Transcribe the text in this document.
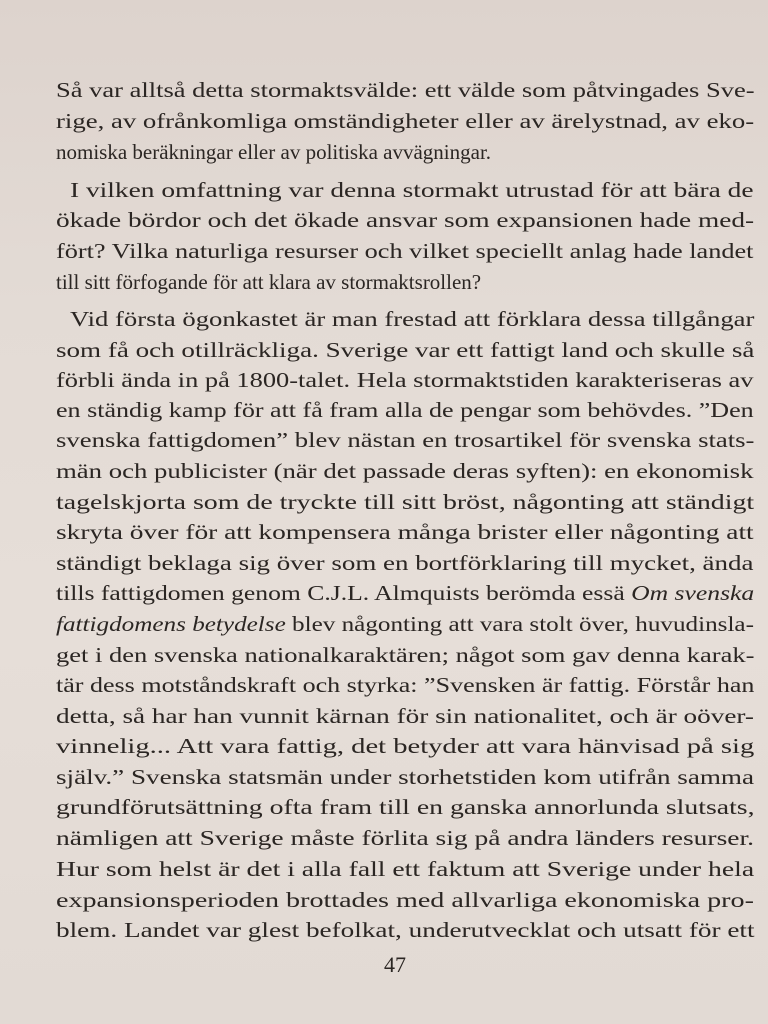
Så var alltså detta stormaktsvälde: ett välde som påtvingades Sve-
rige, av ofrånkomliga omständigheter eller av ärelystnad, av eko-
nomiska beräkningar eller av politiska avvägningar.
I vilken omfattning var denna stormakt utrustad för att bära de
ökade bördor och det ökade ansvar som expansionen hade med-
fört? Vilka naturliga resurser och vilket speciellt anlag hade landet
till sitt förfogande för att klara av stormaktsrollen?
Vid första ögonkastet är man frestad att förklara dessa tillgångar
som få och otillräckliga. Sverige var ett fattigt land och skulle så
förbli ända in på 1800-talet. Hela stormaktstiden karakteriseras av
en ständig kamp för att få fram alla de pengar som behövdes. ”Den
svenska fattigdomen” blev nästan en trosartikel för svenska stats-
män och publicister (när det passade deras syften): en ekonomisk
tagelskjorta som de tryckte till sitt bröst, någonting att ständigt
skryta över för att kompensera många brister eller någonting att
ständigt beklaga sig över som en bortförklaring till mycket, ända
tills fattigdomen genom C.J.L. Almquists berömda essä Om svenska
fattigdomens betydelse blev någonting att vara stolt över, huvudinsla-
get i den svenska nationalkaraktären; något som gav denna karak-
tär dess motståndskraft och styrka: ”Svensken är fattig. Förstår han
detta, så har han vunnit kärnan för sin nationalitet, och är oöver-
vinnelig... Att vara fattig, det betyder att vara hänvisad på sig
själv.” Svenska statsmän under storhetstiden kom utifrån samma
grundförutsättning ofta fram till en ganska annorlunda slutsats,
nämligen att Sverige måste förlita sig på andra länders resurser.
Hur som helst är det i alla fall ett faktum att Sverige under hela
expansionsperioden brottades med allvarliga ekonomiska pro-
blem. Landet var glest befolkat, underutvecklat och utsatt för ett
47
